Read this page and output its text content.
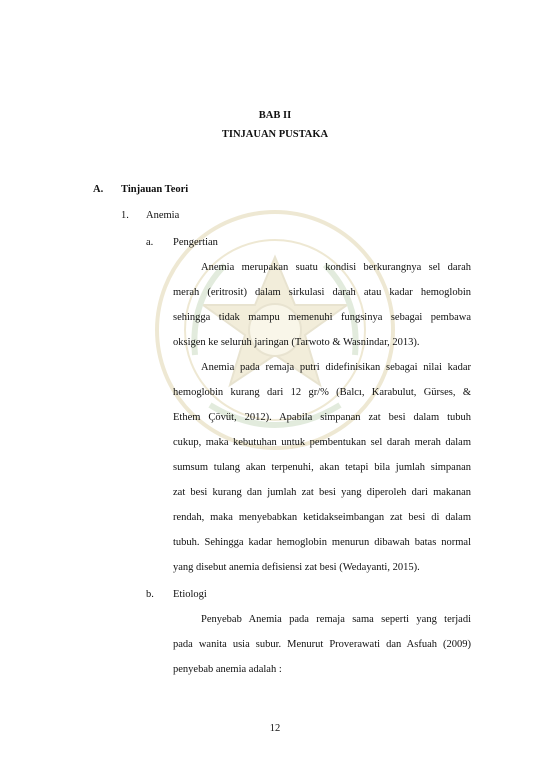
BAB II
TINJAUAN PUSTAKA
A. Tinjauan Teori
1. Anemia
a. Pengertian
Anemia merupakan suatu kondisi berkurangnya sel darah
merah (eritrosit) dalam sirkulasi darah atau kadar hemoglobin
sehingga tidak mampu memenuhi fungsinya sebagai pembawa
oksigen ke seluruh jaringan (Tarwoto & Wasnindar, 2013).
Anemia pada remaja putri didefinisikan sebagai nilai kadar
hemoglobin kurang dari 12 gr/% (Balcı, Karabulut, Gürses, &
Ethem Çövüt, 2012). Apabila simpanan zat besi dalam tubuh
cukup, maka kebutuhan untuk pembentukan sel darah merah dalam
sumsum tulang akan terpenuhi, akan tetapi bila jumlah simpanan
zat besi kurang dan jumlah zat besi yang diperoleh dari makanan
rendah, maka menyebabkan ketidakseimbangan zat besi di dalam
tubuh. Sehingga kadar hemoglobin menurun dibawah batas normal
yang disebut anemia defisiensi zat besi (Wedayanti, 2015).
b. Etiologi
Penyebab Anemia pada remaja sama seperti yang terjadi
pada wanita usia subur. Menurut Proverawati dan Asfuah (2009)
penyebab anemia adalah :
12
